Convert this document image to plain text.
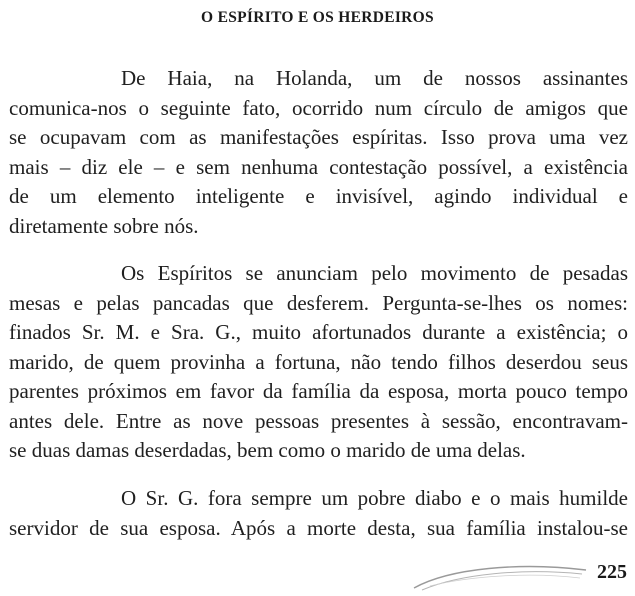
O ESPÍRITO E OS HERDEIROS
De Haia, na Holanda, um de nossos assinantes
comunica-nos o seguinte fato, ocorrido num círculo de amigos que
se ocupavam com as manifestações espíritas. Isso prova uma vez
mais – diz ele – e sem nenhuma contestação possível, a existência
de um elemento inteligente e invisível, agindo individual e
diretamente sobre nós.
Os Espíritos se anunciam pelo movimento de pesadas
mesas e pelas pancadas que desferem. Pergunta-se-lhes os nomes:
finados Sr. M. e Sra. G., muito afortunados durante a existência; o
marido, de quem provinha a fortuna, não tendo filhos deserdou seus
parentes próximos em favor da família da esposa, morta pouco tempo
antes dele. Entre as nove pessoas presentes à sessão, encontravam-
se duas damas deserdadas, bem como o marido de uma delas.
O Sr. G. fora sempre um pobre diabo e o mais humilde
servidor de sua esposa. Após a morte desta, sua família instalou-se
225
